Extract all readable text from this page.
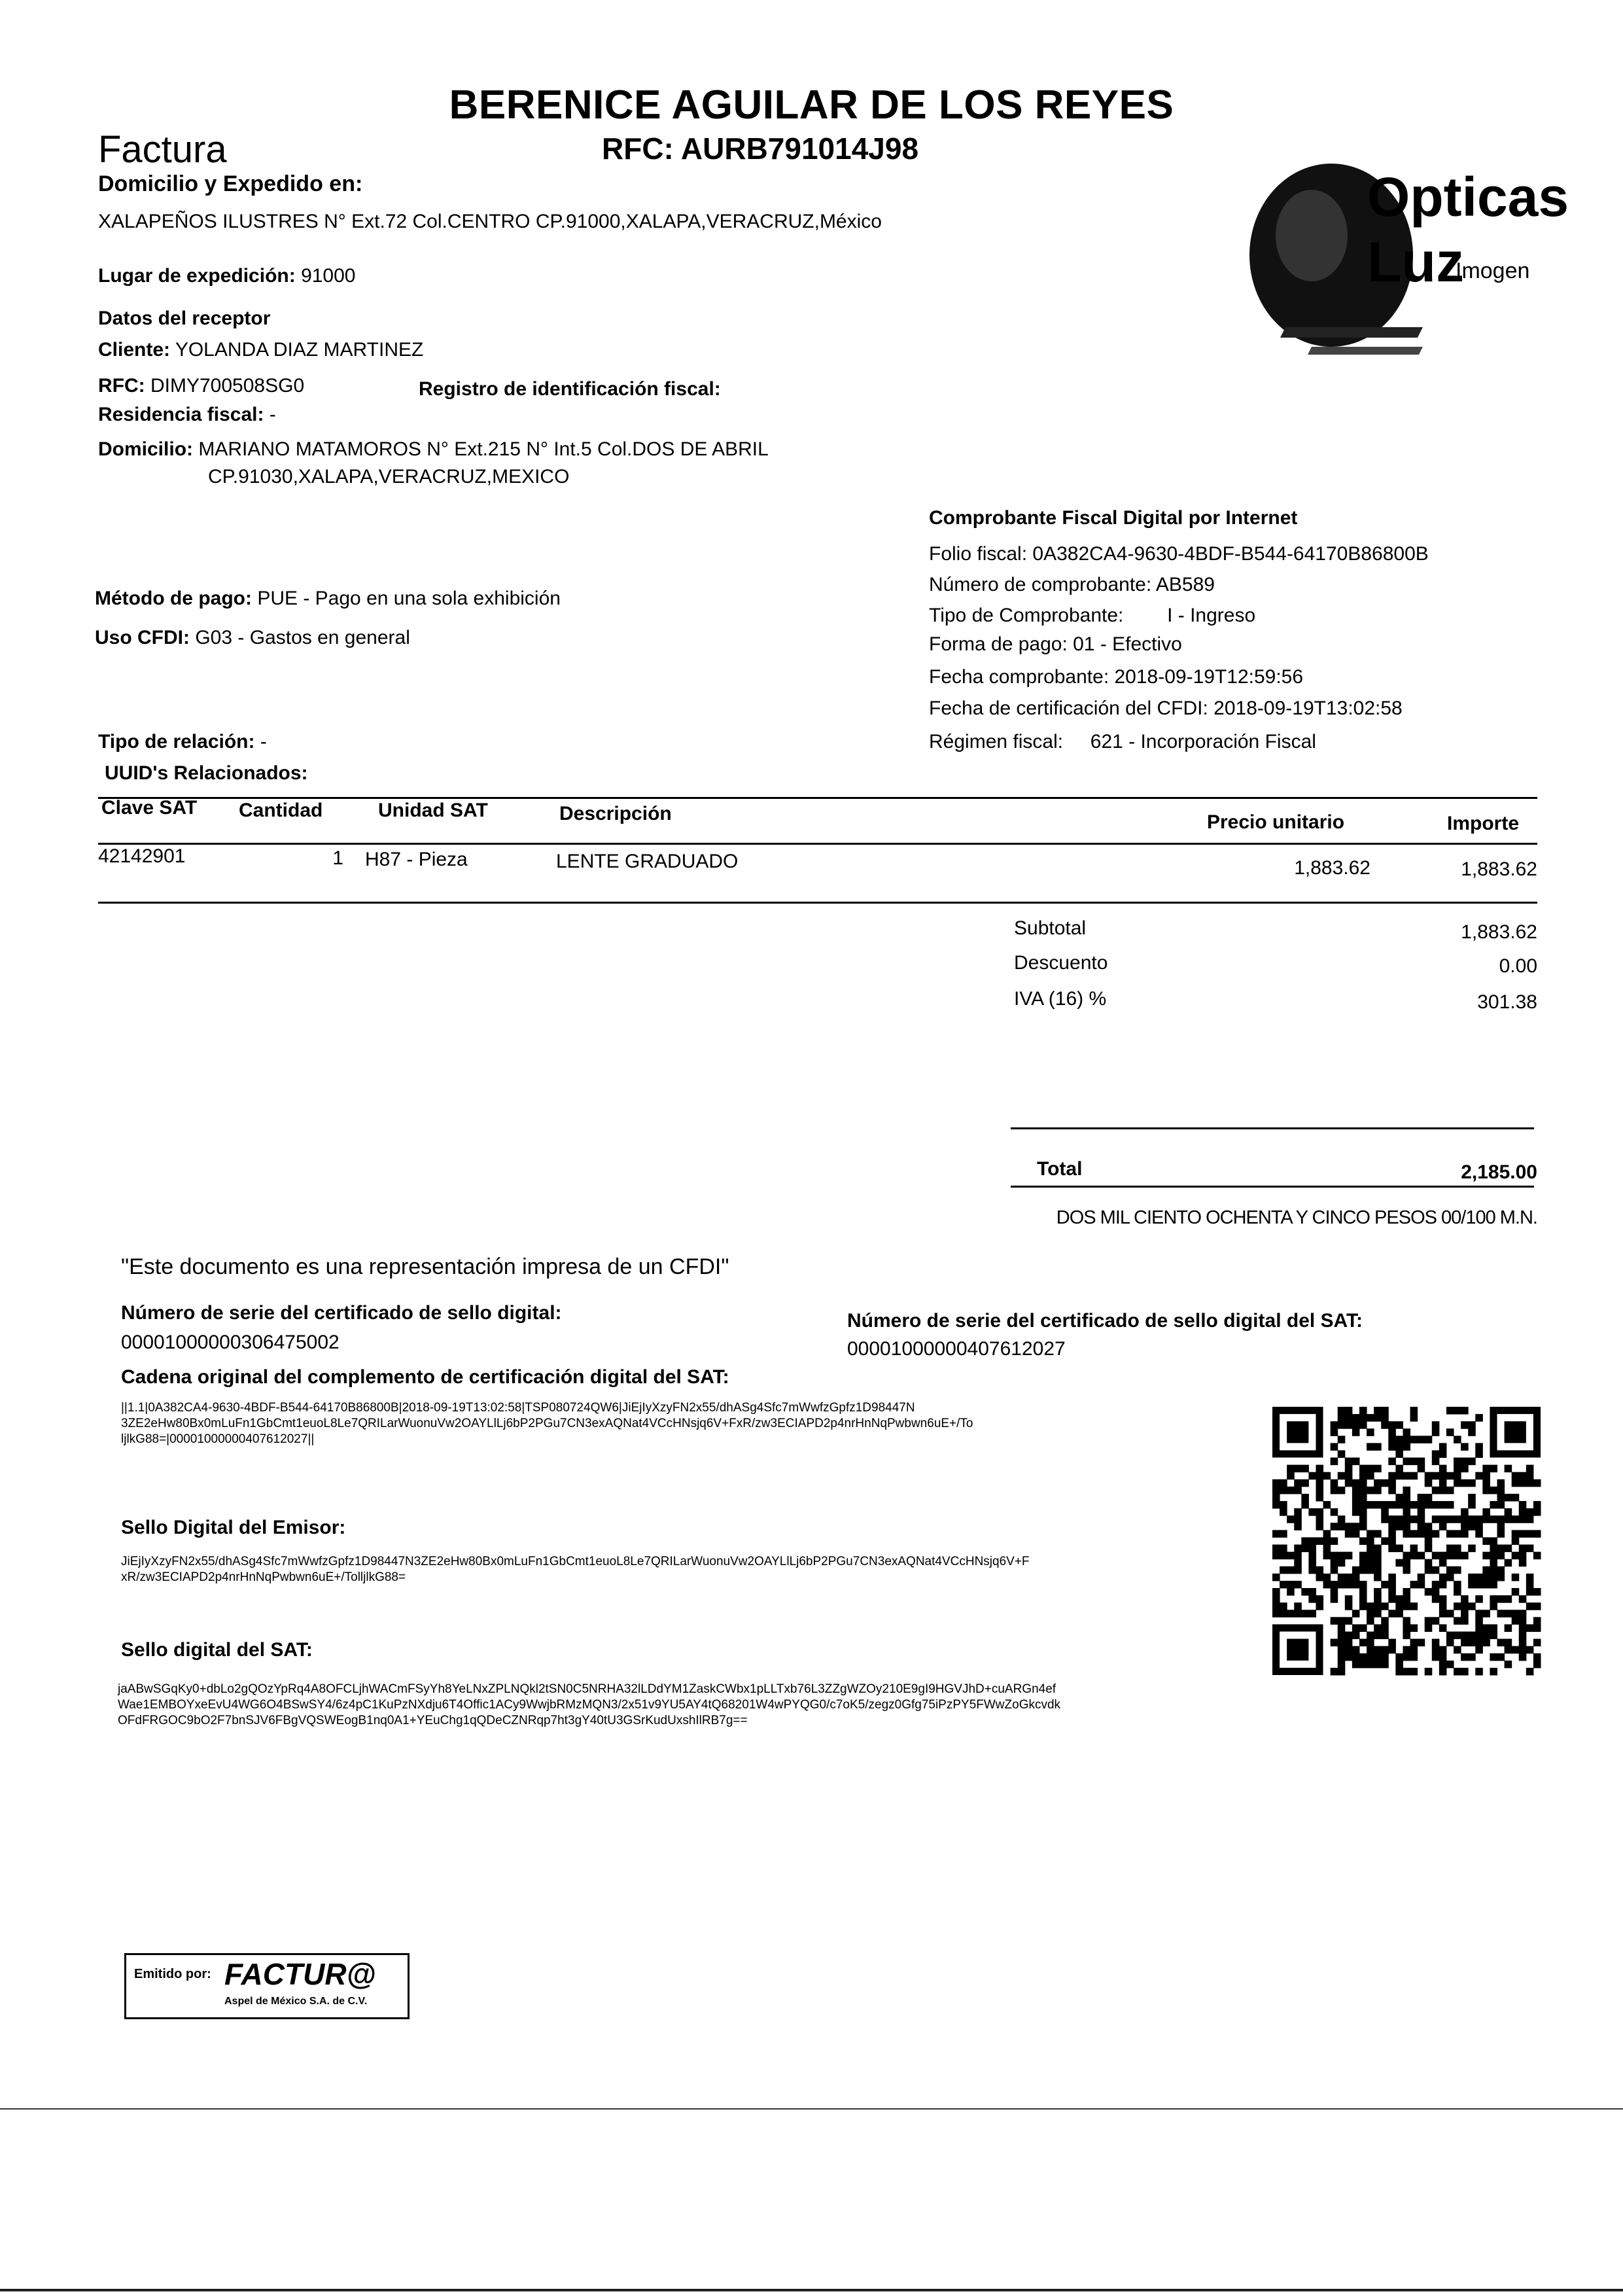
BERENICE AGUILAR DE LOS REYES
Factura	RFC: AURB791014J98
Opticas
Luz
Imogen
Domicilio y Expedido en:
XALAPEÑOS ILUSTRES N° Ext.72 Col.CENTRO CP.91000,XALAPA,VERACRUZ,México
Lugar de expedición: 91000
Datos del receptor
Cliente: YOLANDA DIAZ MARTINEZ
RFC: DIMY700508SG0	Registro de identificación fiscal:
Residencia fiscal: -
Domicilio: MARIANO MATAMOROS N° Ext.215 N° Int.5 Col.DOS DE ABRIL
CP.91030,XALAPA,VERACRUZ,MEXICO
Comprobante Fiscal Digital por Internet
Folio fiscal: 0A382CA4-9630-4BDF-B544-64170B86800B
Número de comprobante: AB589
Tipo de Comprobante:        I - Ingreso
Forma de pago: 01 - Efectivo
Fecha comprobante: 2018-09-19T12:59:56
Fecha de certificación del CFDI: 2018-09-19T13:02:58
Régimen fiscal:     621 - Incorporación Fiscal
Método de pago: PUE - Pago en una sola exhibición
Uso CFDI: G03 - Gastos en general
Tipo de relación: -
UUID's Relacionados:
Clave SAT Cantidad	Unidad SAT	Descripción	Precio unitario	Importe
42142901	1 H87 - Pieza	LENTE GRADUADO	1,883.62	1,883.62
Subtotal	1,883.62
Descuento	0.00
IVA (16) %	301.38
Total	2,185.00
DOS MIL CIENTO OCHENTA Y CINCO PESOS 00/100 M.N.
"Este documento es una representación impresa de un CFDI"
Número de serie del certificado de sello digital:
00001000000306475002
Número de serie del certificado de sello digital del SAT:
00001000000407612027
Cadena original del complemento de certificación digital del SAT:
||1.1|0A382CA4-9630-4BDF-B544-64170B86800B|2018-09-19T13:02:58|TSP080724QW6|JiEjIyXzyFN2x55/dhASg4Sfc7mWwfzGpfz1D98447N
3ZE2eHw80Bx0mLuFn1GbCmt1euoL8Le7QRILarWuonuVw2OAYLlLj6bP2PGu7CN3exAQNat4VCcHNsjq6V+FxR/zw3ECIAPD2p4nrHnNqPwbwn6uE+/To
ljlkG88=|00001000000407612027||
Sello Digital del Emisor:
JiEjIyXzyFN2x55/dhASg4Sfc7mWwfzGpfz1D98447N3ZE2eHw80Bx0mLuFn1GbCmt1euoL8Le7QRILarWuonuVw2OAYLlLj6bP2PGu7CN3exAQNat4VCcHNsjq6V+F
xR/zw3ECIAPD2p4nrHnNqPwbwn6uE+/TolljlkG88=
Sello digital del SAT:
jaABwSGqKy0+dbLo2gQOzYpRq4A8OFCLjhWACmFSyYh8YeLNxZPLNQkl2tSN0C5NRHA32lLDdYM1ZaskCWbx1pLLTxb76L3ZZgWZOy210E9gI9HGVJhD+cuARGn4ef
Wae1EMBOYxeEvU4WG6O4BSwSY4/6z4pC1KuPzNXdju6T4Offic1ACy9WwjbRMzMQN3/2x51v9YU5AY4tQ68201W4wPYQG0/c7oK5/zegz0Gfg75iPzPY5FWwZoGkcvdk
OFdFRGOC9bO2F7bnSJV6FBgVQSWEogB1nq0A1+YEuChg1qQDeCZNRqp7ht3gY40tU3GSrKudUxshIlRB7g==
Emitido por: FACTUR@
Aspel de México S.A. de C.V.
